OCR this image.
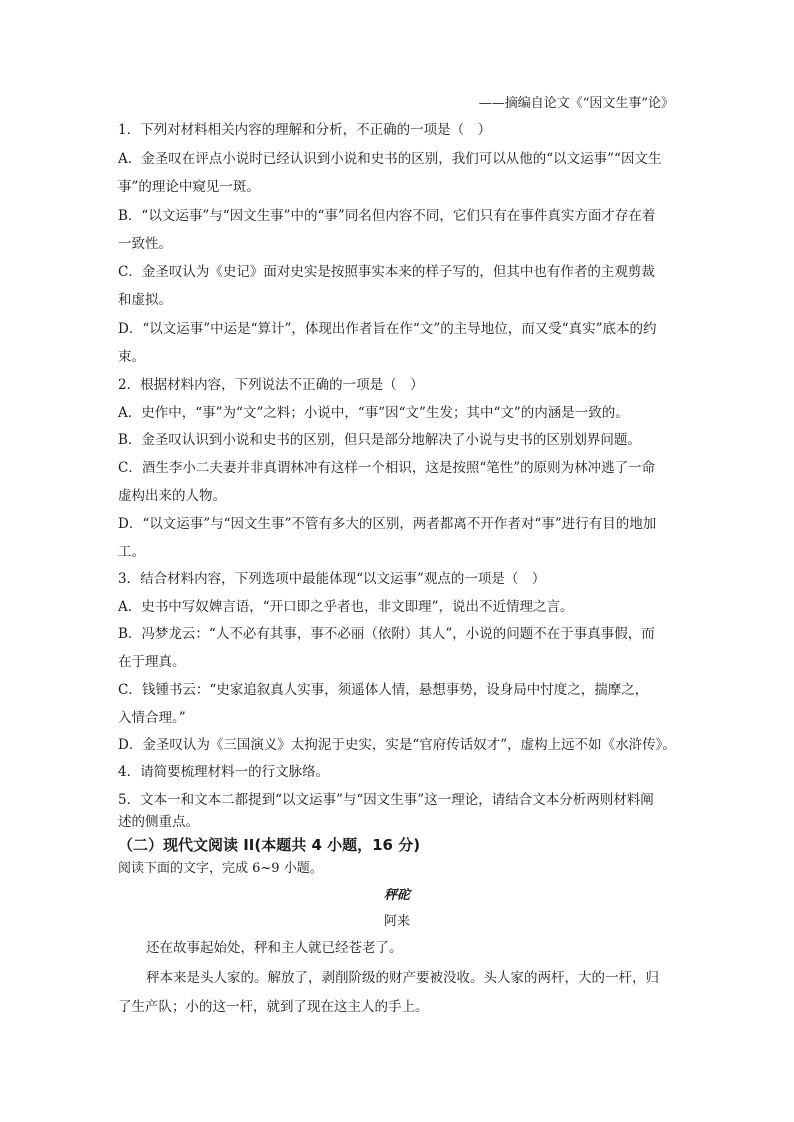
——摘编自论文《“因文生事”论》
1．下列对材料相关内容的理解和分析，不正确的一项是（　）
A．金圣叹在评点小说时已经认识到小说和史书的区别，我们可以从他的“以文运事”“因文生
事”的理论中窥见一斑。
B．“以文运事”与“因文生事”中的“事”同名但内容不同，它们只有在事件真实方面才存在着
一致性。
C．金圣叹认为《史记》面对史实是按照事实本来的样子写的，但其中也有作者的主观剪裁
和虚拟。
D．“以文运事”中运是“算计”，体现出作者旨在作“文”的主导地位，而又受“真实”底本的约
束。
2．根据材料内容，下列说法不正确的一项是（　）
A．史作中，“事”为“文”之料；小说中，“事”因“文”生发；其中“文”的内涵是一致的。
B．金圣叹认识到小说和史书的区别，但只是部分地解决了小说与史书的区别划界问题。
C．酒生李小二夫妻并非真谓林冲有这样一个相识，这是按照“笔性”的原则为林冲逃了一命
虚构出来的人物。
D．“以文运事”与“因文生事”不管有多大的区别，两者都离不开作者对“事”进行有目的地加
工。
3．结合材料内容，下列选项中最能体现“以文运事”观点的一项是（　）
A．史书中写奴婢言语，“开口即之乎者也，非文即理”，说出不近情理之言。
B．冯梦龙云：“人不必有其事，事不必丽（依附）其人”，小说的问题不在于事真事假，而
在于理真。
C．钱锺书云：“史家追叙真人实事，须遥体人情，悬想事势，设身局中忖度之，揣摩之，
入情合理。”
D．金圣叹认为《三国演义》太拘泥于史实，实是“官府传话奴才”，虚构上远不如《水浒传》。
4．请简要梳理材料一的行文脉络。
5．文本一和文本二都提到“以文运事”与“因文生事”这一理论，请结合文本分析两则材料阐
述的侧重点。
（二）现代文阅读 II(本题共 4 小题，16 分)
阅读下面的文字，完成 6~9 小题。
秤砣
阿来
还在故事起始处，秤和主人就已经苍老了。
秤本来是头人家的。解放了，剥削阶级的财产要被没收。头人家的两杆，大的一杆，归
了生产队；小的这一杆，就到了现在这主人的手上。
